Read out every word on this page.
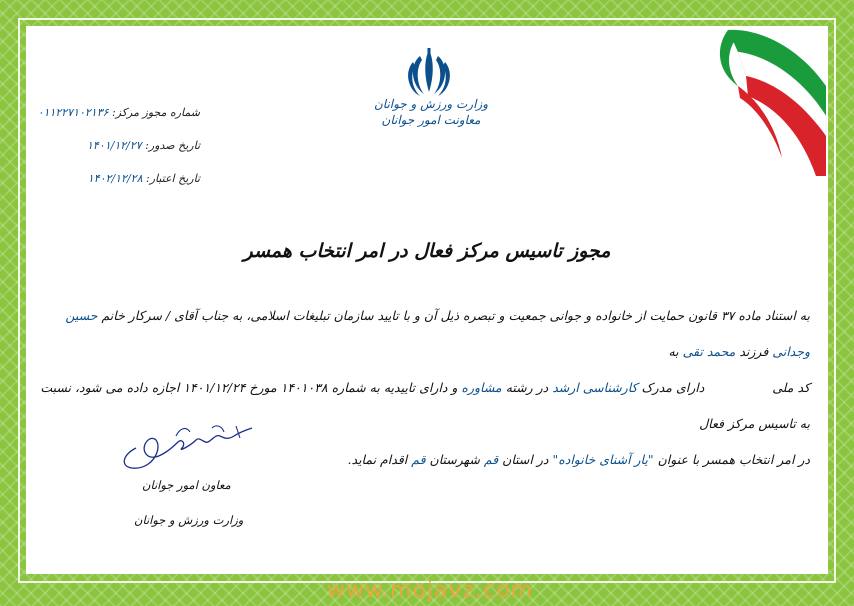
وزارت ورزش و جوانان
معاونت امور جوانان
شماره مجوز مرکز: ۰۱۱۲۲۷۱۰۲۱۳۶
تاریخ صدور: ۱۴۰۱/۱۲/۲۷
تاریخ اعتبار: ۱۴۰۲/۱۲/۲۸
مجوز تاسیس مرکز فعال در امر انتخاب همسر
به استناد ماده ۳۷ قانون حمایت از خانواده و جوانی جمعیت و تبصره ذیل آن و با تایید سازمان تبلیغات اسلامی، به جناب آقای / سرکار خانم حسین وجدانی فرزند محمد تقی به
کد ملی  دارای مدرک کارشناسی ارشد در رشته مشاوره و دارای تاییدیه به شماره ۱۴۰۱۰۳۸ مورخ ۱۴۰۱/۱۲/۲۴ اجازه داده می شود، نسبت به تاسیس مرکز فعال
در امر انتخاب همسر با عنوان "یار آشنای خانواده" در استان قم شهرستان قم اقدام نماید.
معاون امور جوانان
وزارت ورزش و جوانان
www.mojavz.com
